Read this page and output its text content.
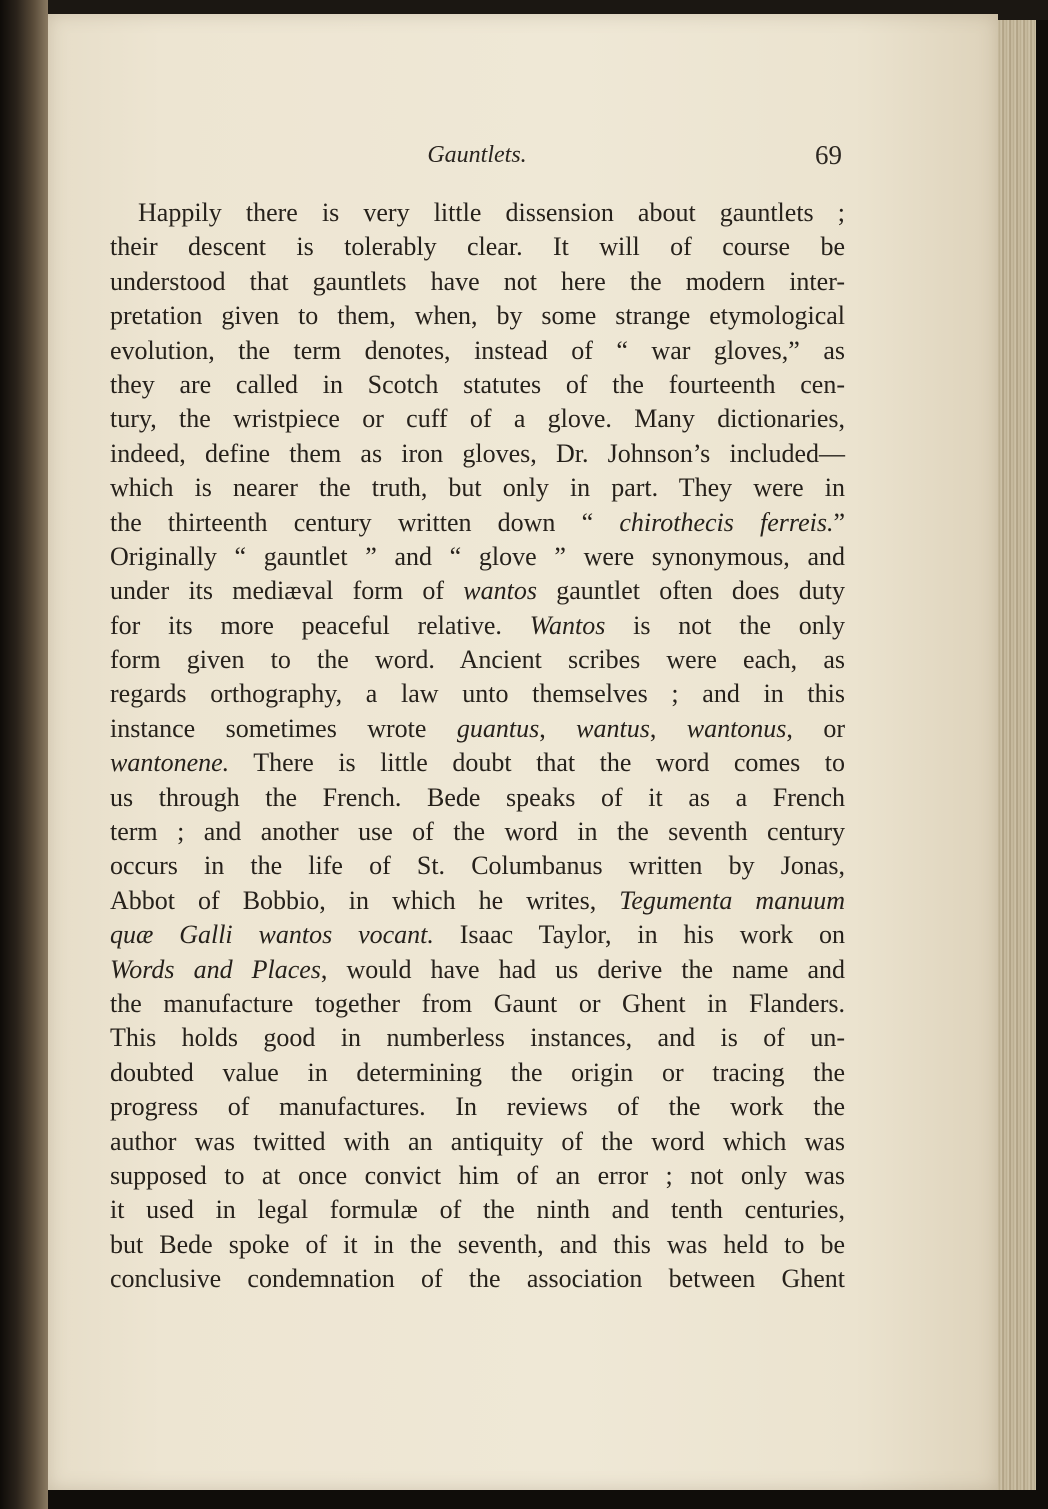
Gauntlets.	69
Happily there is very little dissension about gauntlets ;
their descent is tolerably clear. It will of course be
understood that gauntlets have not here the modern inter-
pretation given to them, when, by some strange etymological
evolution, the term denotes, instead of “ war gloves,” as
they are called in Scotch statutes of the fourteenth cen-
tury, the wristpiece or cuff of a glove. Many dictionaries,
indeed, define them as iron gloves, Dr. Johnson’s included—
which is nearer the truth, but only in part. They were in
the thirteenth century written down “ chirothecis ferreis.”
Originally “ gauntlet ” and “ glove ” were synonymous, and
under its mediæval form of wantos gauntlet often does duty
for its more peaceful relative. Wantos is not the only
form given to the word. Ancient scribes were each, as
regards orthography, a law unto themselves ; and in this
instance sometimes wrote guantus, wantus, wantonus, or
wantonene. There is little doubt that the word comes to
us through the French. Bede speaks of it as a French
term ; and another use of the word in the seventh century
occurs in the life of St. Columbanus written by Jonas,
Abbot of Bobbio, in which he writes, Tegumenta manuum
quæ Galli wantos vocant. Isaac Taylor, in his work on
Words and Places, would have had us derive the name and
the manufacture together from Gaunt or Ghent in Flanders.
This holds good in numberless instances, and is of un-
doubted value in determining the origin or tracing the
progress of manufactures. In reviews of the work the
author was twitted with an antiquity of the word which was
supposed to at once convict him of an error ; not only was
it used in legal formulæ of the ninth and tenth centuries,
but Bede spoke of it in the seventh, and this was held to be
conclusive condemnation of the association between Ghent
